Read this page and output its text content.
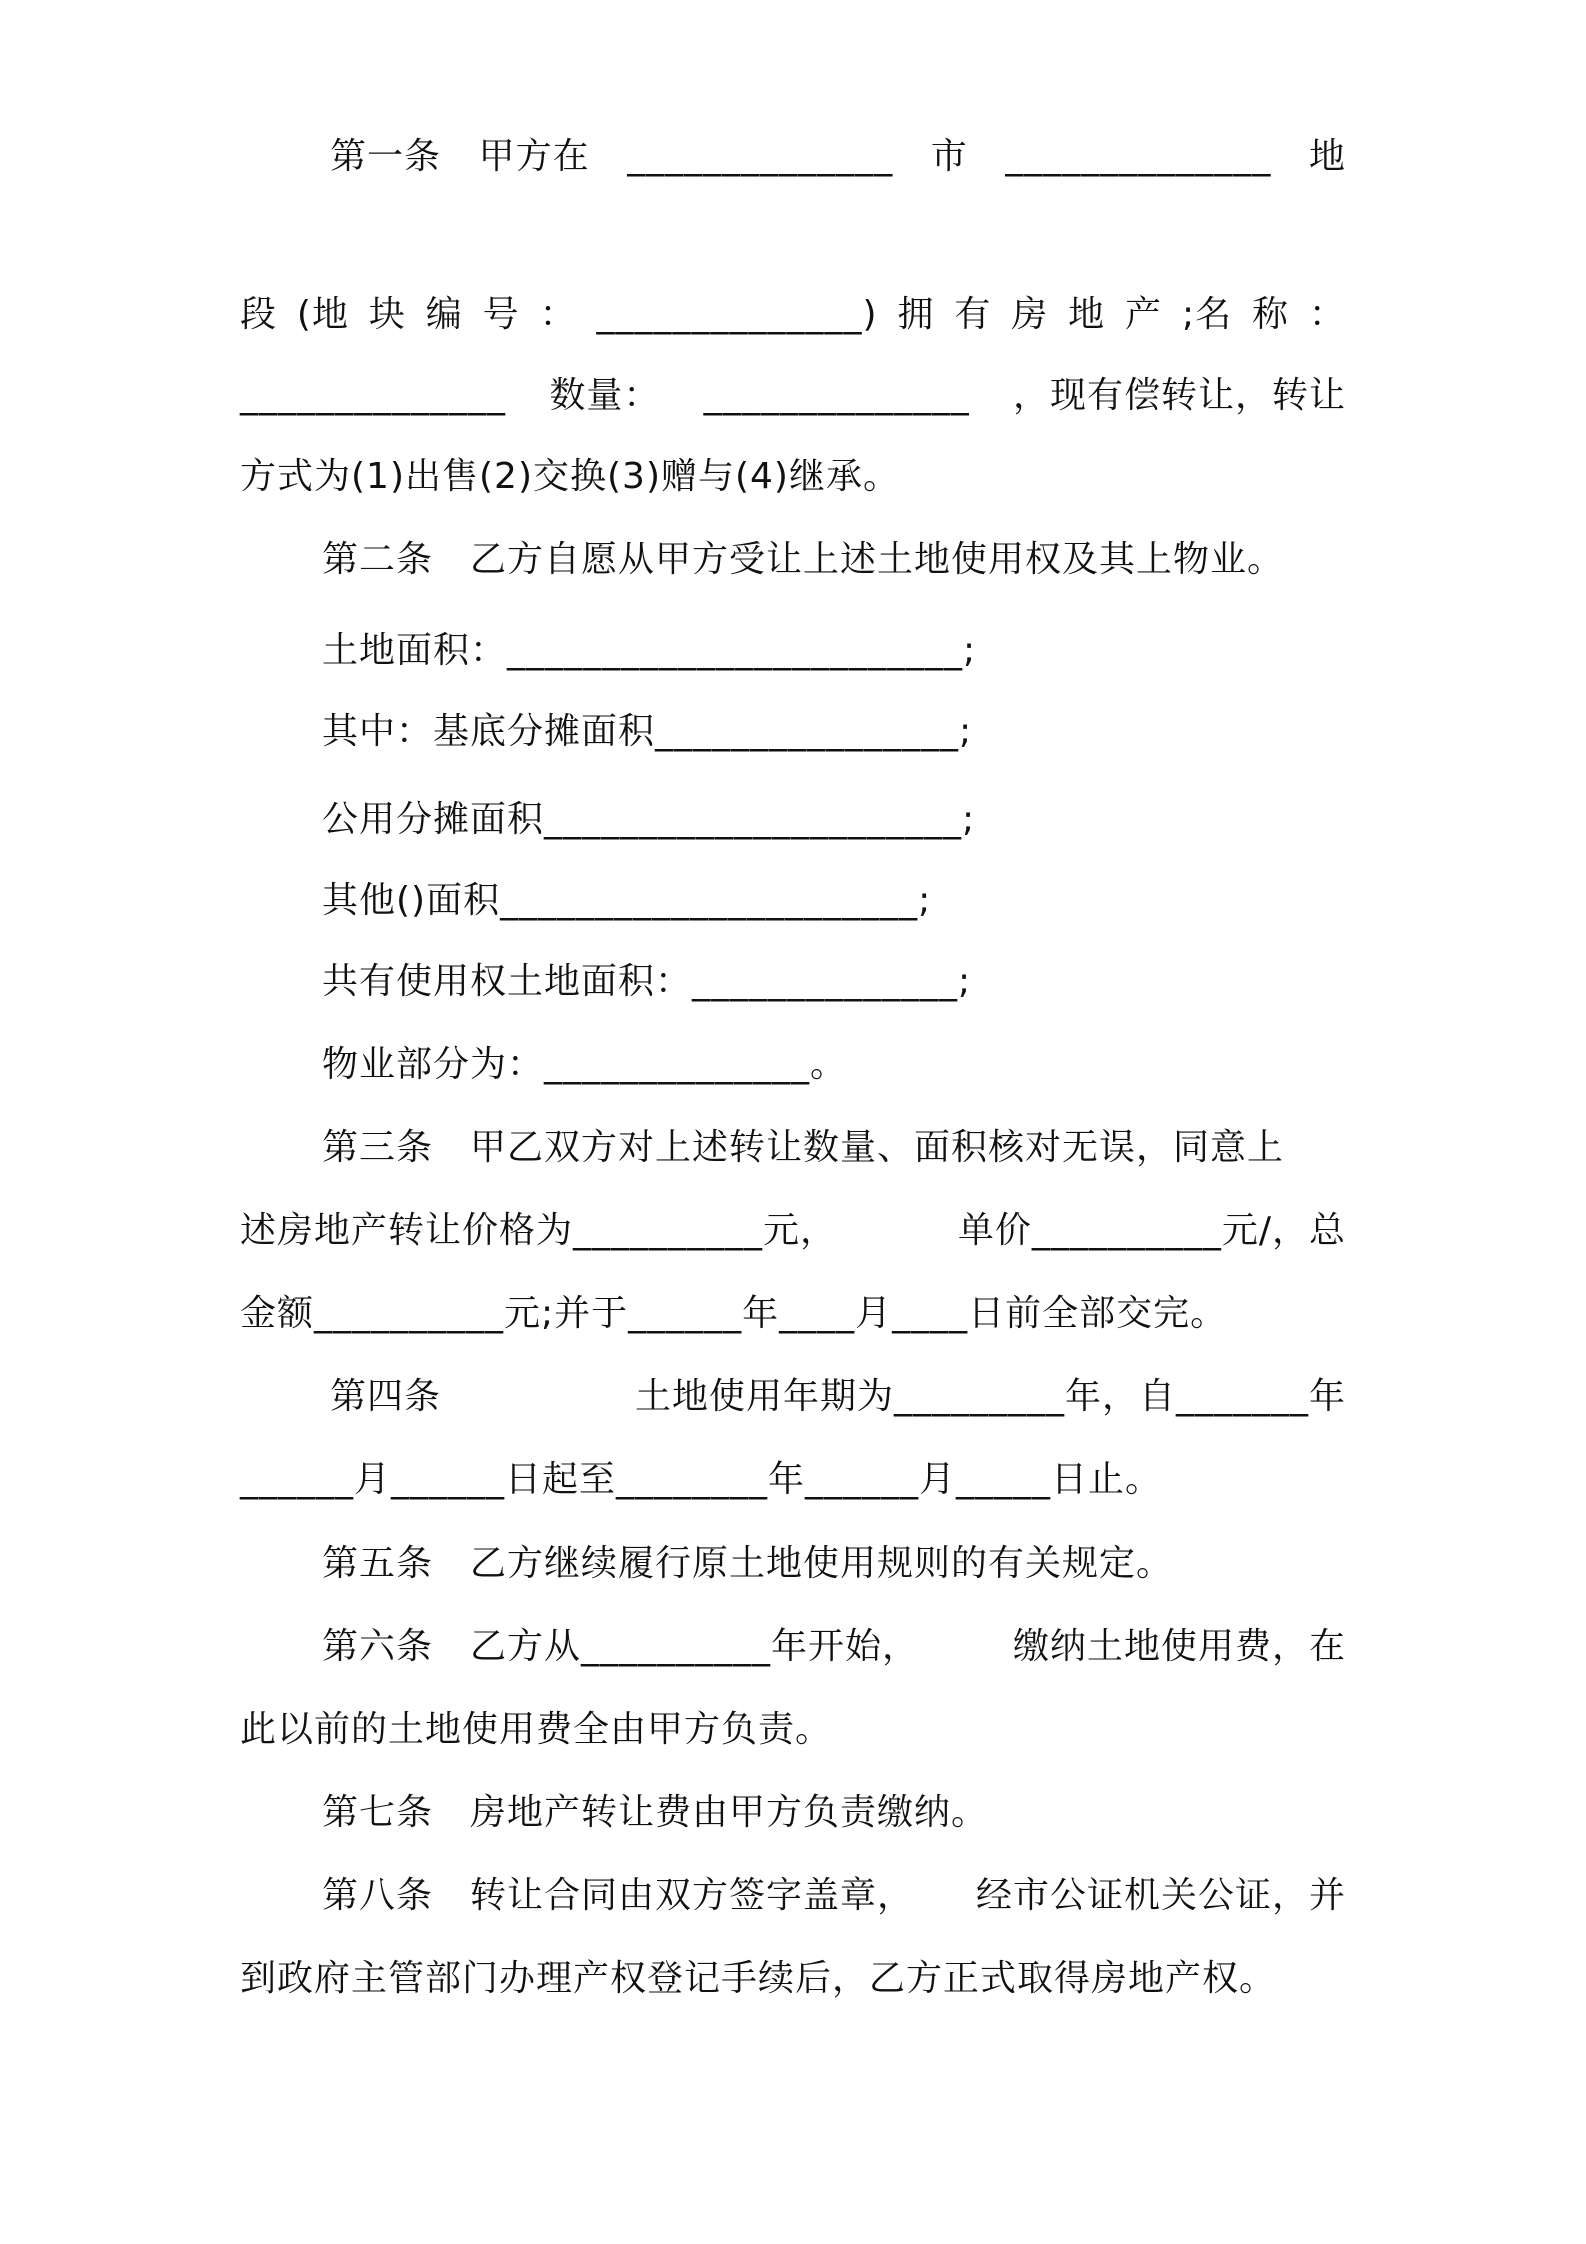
第一条 甲方在 ______________ 市 ______________ 地
段 (地 块 编 号 ： ______________) 拥 有 房 地 产 ;名 称 ：
______________ 数量： ______________ ，现有偿转让，转让
方式为(1)出售(2)交换(3)赠与(4)继承。
第二条　乙方自愿从甲方受让上述土地使用权及其上物业。
土地面积：________________________;
其中：基底分摊面积________________;
公用分摊面积______________________;
其他()面积______________________;
共有使用权土地面积：______________;
物业部分为：______________。
第三条　甲乙双方对上述转让数量、面积核对无误，同意上
述房地产转让价格为__________元，	单价__________元/，总
金额__________元;并于______年____月____日前全部交完。
第四条	土地使用年期为_________年，自_______年
______月______日起至________年______月_____日止。
第五条　乙方继续履行原土地使用规则的有关规定。
第六条　乙方从__________年开始，	缴纳土地使用费，在
此以前的土地使用费全由甲方负责。
第七条　房地产转让费由甲方负责缴纳。
第八条　转让合同由双方签字盖章， 经市公证机关公证，并
到政府主管部门办理产权登记手续后，乙方正式取得房地产权。
